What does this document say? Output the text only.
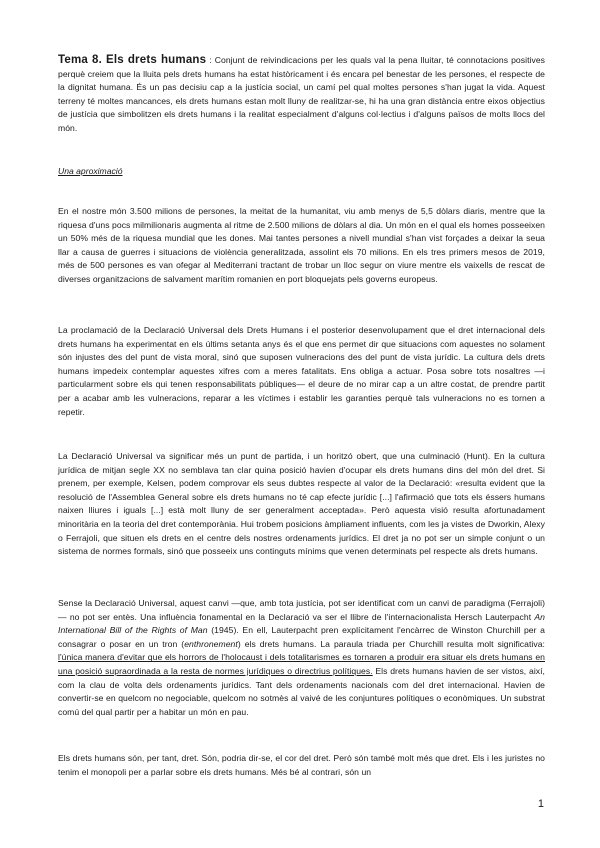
Tema 8. Els drets humans : Conjunt de reivindicacions per les quals val la pena lluitar, té connotacions positives perquè creiem que la lluita pels drets humans ha estat històricament i és encara pel benestar de les persones, el respecte de la dignitat humana. És un pas decisiu cap a la justícia social, un camí pel qual moltes persones s'han jugat la vida. Aquest terreny té moltes mancances, els drets humans estan molt lluny de realitzar-se, hi ha una gran distància entre eixos objectius de justícia que simbolitzen els drets humans i la realitat especialment d'alguns col·lectius i d'alguns països de molts llocs del món.
Una aproximació
En el nostre món 3.500 milions de persones, la meitat de la humanitat, viu amb menys de 5,5 dòlars diaris, mentre que la riquesa d'uns pocs milmilionaris augmenta al ritme de 2.500 milions de dòlars al dia. Un món en el qual els homes posseeixen un 50% més de la riquesa mundial que les dones. Mai tantes persones a nivell mundial s'han vist forçades a deixar la seua llar a causa de guerres i situacions de violència generalitzada, assolint els 70 milions. En els tres primers mesos de 2019, més de 500 persones es van ofegar al Mediterrani tractant de trobar un lloc segur on viure mentre els vaixells de rescat de diverses organitzacions de salvament marítim romanien en port bloquejats pels governs europeus.
La proclamació de la Declaració Universal dels Drets Humans i el posterior desenvolupament que el dret internacional dels drets humans ha experimentat en els últims setanta anys és el que ens permet dir que situacions com aquestes no solament són injustes des del punt de vista moral, sinó que suposen vulneracions des del punt de vista jurídic. La cultura dels drets humans impedeix contemplar aquestes xifres com a meres fatalitats. Ens obliga a actuar. Posa sobre tots nosaltres —i particularment sobre els qui tenen responsabilitats públiques— el deure de no mirar cap a un altre costat, de prendre partit per a acabar amb les vulneracions, reparar a les víctimes i establir les garanties perquè tals vulneracions no es tornen a repetir.
La Declaració Universal va significar més un punt de partida, i un horitzó obert, que una culminació (Hunt). En la cultura jurídica de mitjan segle XX no semblava tan clar quina posició havien d'ocupar els drets humans dins del món del dret. Si prenem, per exemple, Kelsen, podem comprovar els seus dubtes respecte al valor de la Declaració: «resulta evident que la resolució de l'Assemblea General sobre els drets humans no té cap efecte jurídic [...] l'afirmació que tots els éssers humans naixen lliures i iguals [...] està molt lluny de ser generalment acceptada». Però aquesta visió resulta afortunadament minoritària en la teoria del dret contemporània. Hui trobem posicions àmpliament influents, com les ja vistes de Dworkin, Alexy o Ferrajoli, que situen els drets en el centre dels nostres ordenaments jurídics. El dret ja no pot ser un simple conjunt o un sistema de normes formals, sinó que posseeix uns continguts mínims que venen determinats pel respecte als drets humans.
Sense la Declaració Universal, aquest canvi —que, amb tota justícia, pot ser identificat com un canvi de paradigma (Ferrajoli)— no pot ser entès. Una influència fonamental en la Declaració va ser el llibre de l'internacionalista Hersch Lauterpacht An International Bill of the Rights of Man (1945). En ell, Lauterpacht pren explícitament l'encàrrec de Winston Churchill per a consagrar o posar en un tron (enthronement) els drets humans. La paraula triada per Churchill resulta molt significativa: l'única manera d'evitar que els horrors de l'holocaust i dels totalitarismes es tornaren a produir era situar els drets humans en una posició supraordinada a la resta de normes jurídiques o directrius polítiques. Els drets humans havien de ser vistos, així, com la clau de volta dels ordenaments jurídics. Tant dels ordenaments nacionals com del dret internacional. Havien de convertir-se en quelcom no negociable, quelcom no sotmès al vaivé de les conjuntures polítiques o econòmiques. Un substrat comú del qual partir per a habitar un món en pau.
Els drets humans són, per tant, dret. Són, podria dir-se, el cor del dret. Però són també molt més que dret. Els i les juristes no tenim el monopoli per a parlar sobre els drets humans. Més bé al contrari, són un
1
